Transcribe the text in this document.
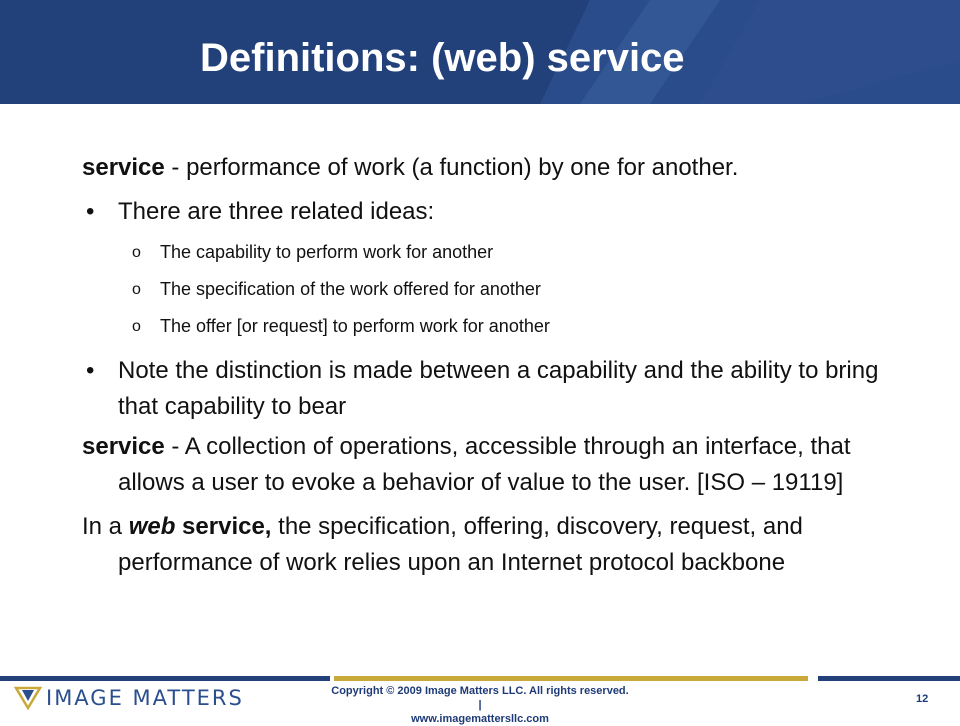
Definitions: (web) service

service - performance of work (a function) by one for another.

• There are three related ideas:
o The capability to perform work for another
o The specification of the work offered for another
o The offer [or request] to perform work for another
• Note the distinction is made between a capability and the ability to bring that capability to bear

service - A collection of operations, accessible through an interface, that allows a user to evoke a behavior of value to the user. [ISO – 19119]

In a web service, the specification, offering, discovery, request, and performance of work relies upon an Internet protocol backbone

IMAGE MATTERS	Copyright © 2009 Image Matters LLC. All rights reserved. |
www.imagemattersllc.com
12
